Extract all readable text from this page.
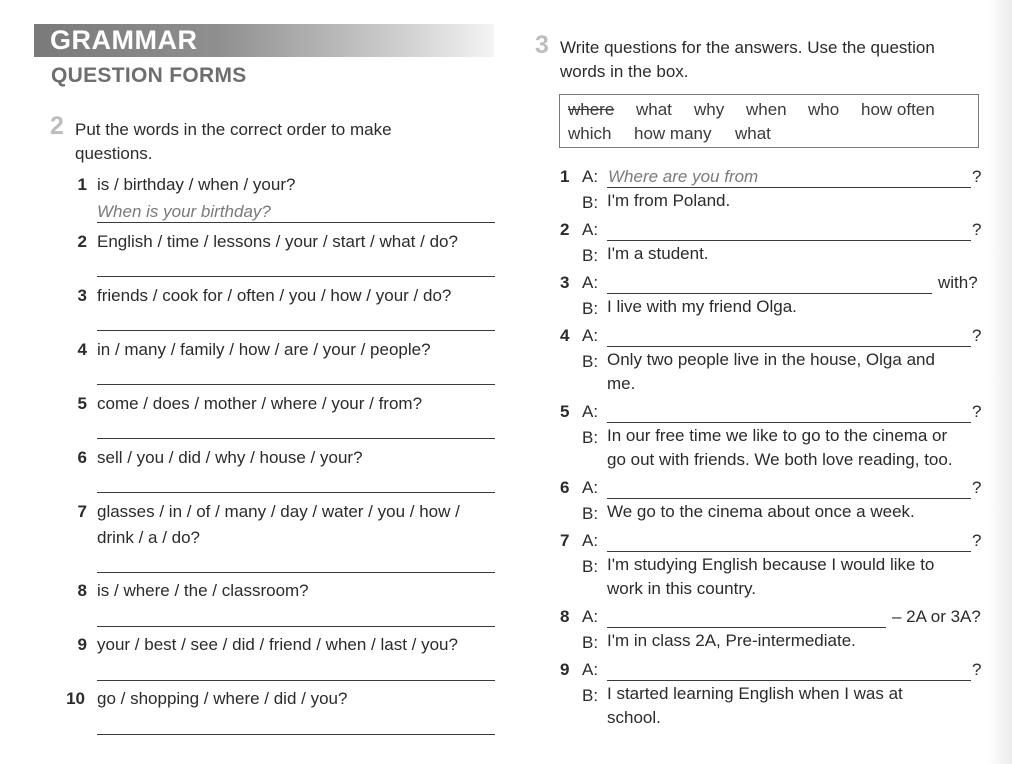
GRAMMAR
QUESTION FORMS
2 Put the words in the correct order to make
questions.
1 is / birthday / when / your?
When is your birthday?
2 English / time / lessons / your / start / what / do?
3 friends / cook for / often / you / how / your / do?
4 in / many / family / how / are / your / people?
5 come / does / mother / where / your / from?
6 sell / you / did / why / house / your?
7 glasses / in / of / many / day / water / you / how /
drink / a / do?
8 is / where / the / classroom?
9 your / best / see / did / friend / when / last / you?
10 go / shopping / where / did / you?
3 Write questions for the answers. Use the question
words in the box.
where what why when who how often
which how many what
1 A: Where are you from	?
B: I'm from Poland.
2 A:	?
B: I'm a student.
3 A:	with?
B: I live with my friend Olga.
4 A:	?
B: Only two people live in the house, Olga and
me.
5 A:	?
B: In our free time we like to go to the cinema or
go out with friends. We both love reading, too.
6 A:	?
B: We go to the cinema about once a week.
7 A:	?
B: I'm studying English because I would like to
work in this country.
8 A:	– 2A or 3A?
B: I'm in class 2A, Pre-intermediate.
9 A:	?
B: I started learning English when I was at
school.
